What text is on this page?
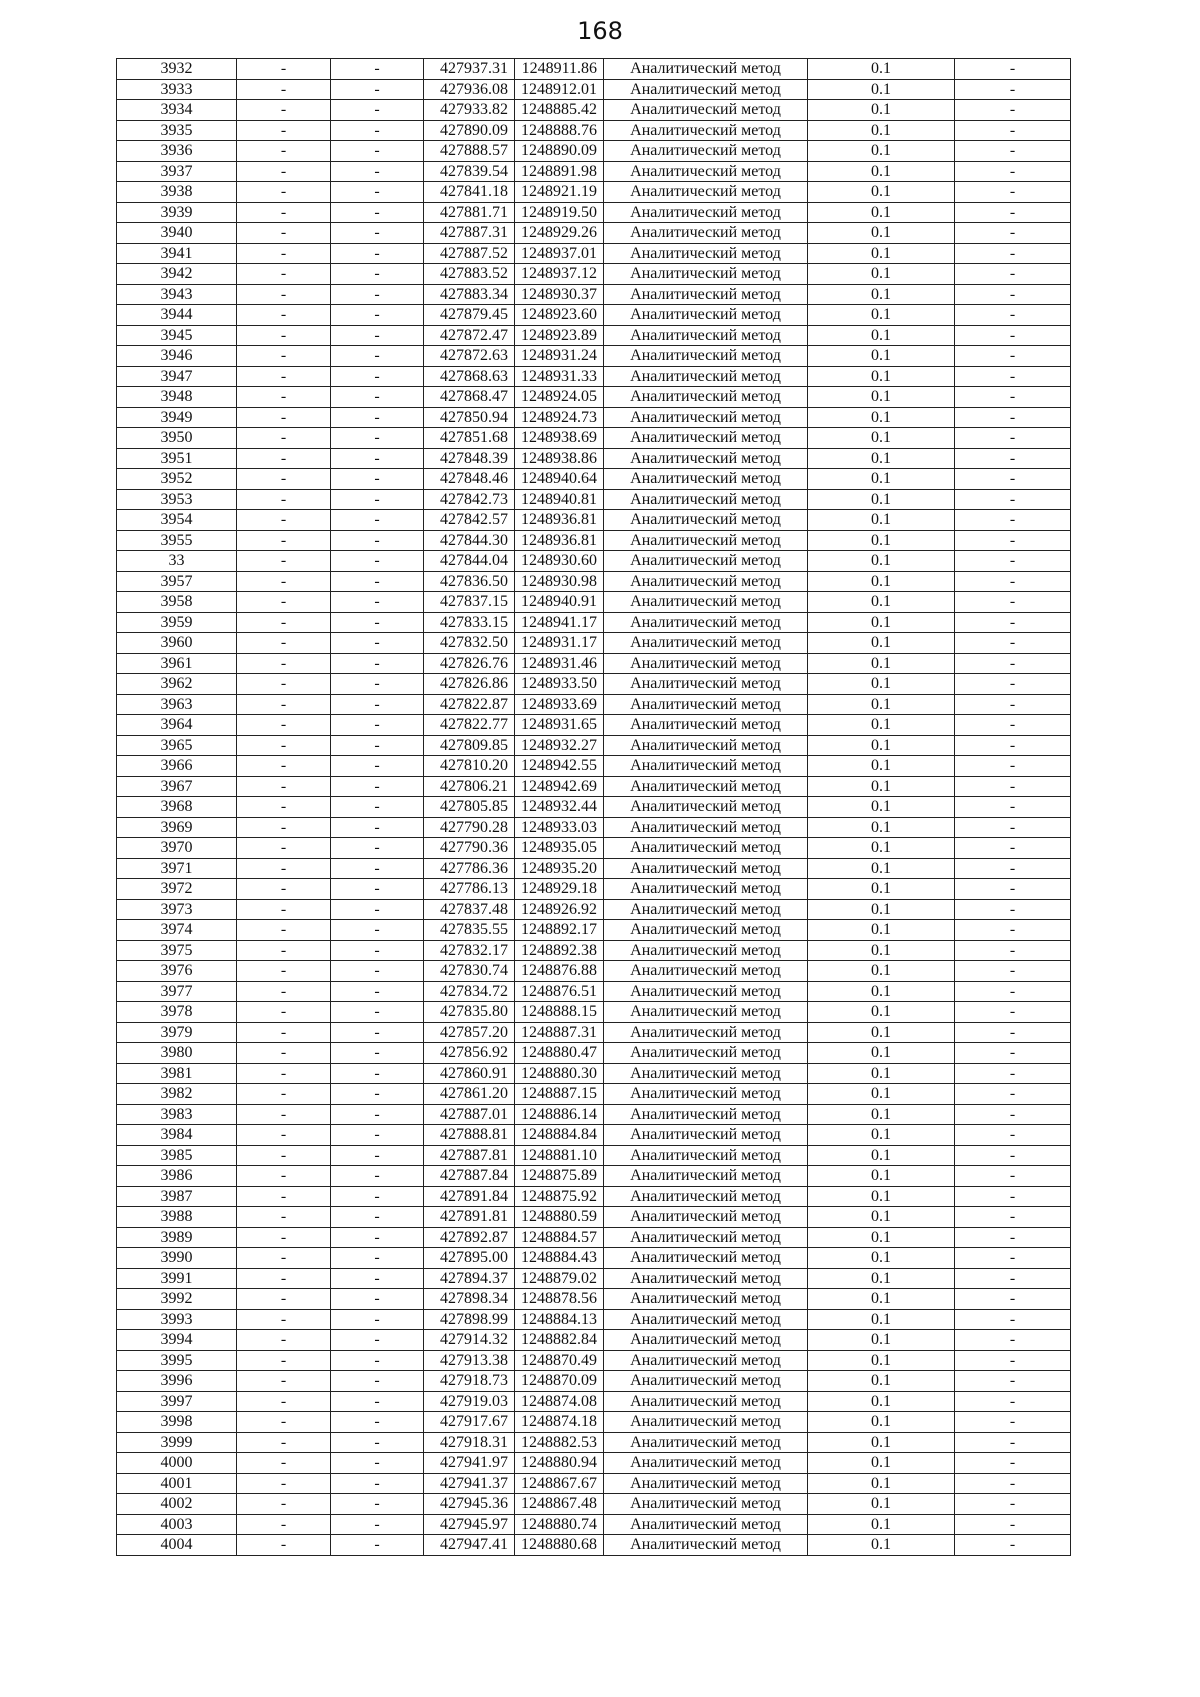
168
3932	-	-	427937.31	1248911.86	Аналитический метод	0.1	-
3933	-	-	427936.08	1248912.01	Аналитический метод	0.1	-
3934	-	-	427933.82	1248885.42	Аналитический метод	0.1	-
3935	-	-	427890.09	1248888.76	Аналитический метод	0.1	-
3936	-	-	427888.57	1248890.09	Аналитический метод	0.1	-
3937	-	-	427839.54	1248891.98	Аналитический метод	0.1	-
3938	-	-	427841.18	1248921.19	Аналитический метод	0.1	-
3939	-	-	427881.71	1248919.50	Аналитический метод	0.1	-
3940	-	-	427887.31	1248929.26	Аналитический метод	0.1	-
3941	-	-	427887.52	1248937.01	Аналитический метод	0.1	-
3942	-	-	427883.52	1248937.12	Аналитический метод	0.1	-
3943	-	-	427883.34	1248930.37	Аналитический метод	0.1	-
3944	-	-	427879.45	1248923.60	Аналитический метод	0.1	-
3945	-	-	427872.47	1248923.89	Аналитический метод	0.1	-
3946	-	-	427872.63	1248931.24	Аналитический метод	0.1	-
3947	-	-	427868.63	1248931.33	Аналитический метод	0.1	-
3948	-	-	427868.47	1248924.05	Аналитический метод	0.1	-
3949	-	-	427850.94	1248924.73	Аналитический метод	0.1	-
3950	-	-	427851.68	1248938.69	Аналитический метод	0.1	-
3951	-	-	427848.39	1248938.86	Аналитический метод	0.1	-
3952	-	-	427848.46	1248940.64	Аналитический метод	0.1	-
3953	-	-	427842.73	1248940.81	Аналитический метод	0.1	-
3954	-	-	427842.57	1248936.81	Аналитический метод	0.1	-
3955	-	-	427844.30	1248936.81	Аналитический метод	0.1	-
33	-	-	427844.04	1248930.60	Аналитический метод	0.1	-
3957	-	-	427836.50	1248930.98	Аналитический метод	0.1	-
3958	-	-	427837.15	1248940.91	Аналитический метод	0.1	-
3959	-	-	427833.15	1248941.17	Аналитический метод	0.1	-
3960	-	-	427832.50	1248931.17	Аналитический метод	0.1	-
3961	-	-	427826.76	1248931.46	Аналитический метод	0.1	-
3962	-	-	427826.86	1248933.50	Аналитический метод	0.1	-
3963	-	-	427822.87	1248933.69	Аналитический метод	0.1	-
3964	-	-	427822.77	1248931.65	Аналитический метод	0.1	-
3965	-	-	427809.85	1248932.27	Аналитический метод	0.1	-
3966	-	-	427810.20	1248942.55	Аналитический метод	0.1	-
3967	-	-	427806.21	1248942.69	Аналитический метод	0.1	-
3968	-	-	427805.85	1248932.44	Аналитический метод	0.1	-
3969	-	-	427790.28	1248933.03	Аналитический метод	0.1	-
3970	-	-	427790.36	1248935.05	Аналитический метод	0.1	-
3971	-	-	427786.36	1248935.20	Аналитический метод	0.1	-
3972	-	-	427786.13	1248929.18	Аналитический метод	0.1	-
3973	-	-	427837.48	1248926.92	Аналитический метод	0.1	-
3974	-	-	427835.55	1248892.17	Аналитический метод	0.1	-
3975	-	-	427832.17	1248892.38	Аналитический метод	0.1	-
3976	-	-	427830.74	1248876.88	Аналитический метод	0.1	-
3977	-	-	427834.72	1248876.51	Аналитический метод	0.1	-
3978	-	-	427835.80	1248888.15	Аналитический метод	0.1	-
3979	-	-	427857.20	1248887.31	Аналитический метод	0.1	-
3980	-	-	427856.92	1248880.47	Аналитический метод	0.1	-
3981	-	-	427860.91	1248880.30	Аналитический метод	0.1	-
3982	-	-	427861.20	1248887.15	Аналитический метод	0.1	-
3983	-	-	427887.01	1248886.14	Аналитический метод	0.1	-
3984	-	-	427888.81	1248884.84	Аналитический метод	0.1	-
3985	-	-	427887.81	1248881.10	Аналитический метод	0.1	-
3986	-	-	427887.84	1248875.89	Аналитический метод	0.1	-
3987	-	-	427891.84	1248875.92	Аналитический метод	0.1	-
3988	-	-	427891.81	1248880.59	Аналитический метод	0.1	-
3989	-	-	427892.87	1248884.57	Аналитический метод	0.1	-
3990	-	-	427895.00	1248884.43	Аналитический метод	0.1	-
3991	-	-	427894.37	1248879.02	Аналитический метод	0.1	-
3992	-	-	427898.34	1248878.56	Аналитический метод	0.1	-
3993	-	-	427898.99	1248884.13	Аналитический метод	0.1	-
3994	-	-	427914.32	1248882.84	Аналитический метод	0.1	-
3995	-	-	427913.38	1248870.49	Аналитический метод	0.1	-
3996	-	-	427918.73	1248870.09	Аналитический метод	0.1	-
3997	-	-	427919.03	1248874.08	Аналитический метод	0.1	-
3998	-	-	427917.67	1248874.18	Аналитический метод	0.1	-
3999	-	-	427918.31	1248882.53	Аналитический метод	0.1	-
4000	-	-	427941.97	1248880.94	Аналитический метод	0.1	-
4001	-	-	427941.37	1248867.67	Аналитический метод	0.1	-
4002	-	-	427945.36	1248867.48	Аналитический метод	0.1	-
4003	-	-	427945.97	1248880.74	Аналитический метод	0.1	-
4004	-	-	427947.41	1248880.68	Аналитический метод	0.1	-
